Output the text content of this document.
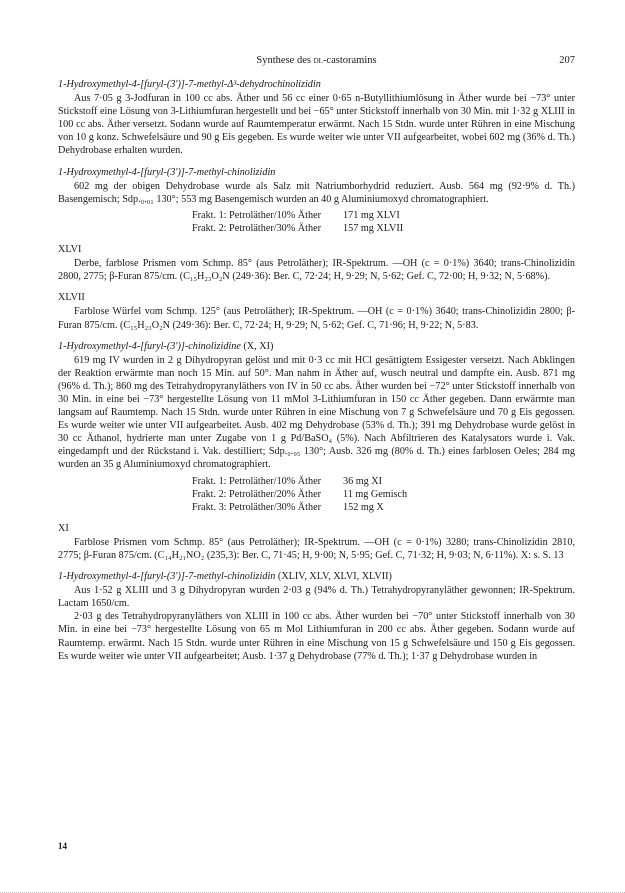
Synthese des dl-castoramins	207
1-Hydroxymethyl-4-[furyl-(3')]-7-methyl-Δ³-dehydrochinolizidin

Aus 7·05 g 3-Jodfuran in 100 cc abs. Äther und 56 cc einer 0·65 n-Butyllithiumlösung in Äther wurde bei −73° unter Stickstoff eine Lösung von 3-Lithiumfuran hergestellt und bei −65° unter Stickstoff innerhalb von 30 Min. mit 1·32 g XLIII in 100 cc abs. Äther versetzt. Sodann wurde auf Raumtemperatur erwärmt. Nach 15 Stdn. wurde unter Rühren in eine Mischung von 10 g konz. Schwefelsäure und 90 g Eis gegeben. Es wurde weiter wie unter VII aufgearbeitet, wobei 602 mg (36% d. Th.) Dehydrobase erhalten wurden.

1-Hydroxymethyl-4-[furyl-(3')]-7-methyl-chinolizidin

602 mg der obigen Dehydrobase wurde als Salz mit Natriumborhydrid reduziert. Ausb. 564 mg (92·9% d. Th.) Basengemisch; Sdp.₀.₀₁ 130°; 553 mg Basengemisch wurden an 40 g Aluminiumoxyd chromatographiert.

Frakt. 1: Petroläther/10% Äther	171 mg XLVI
Frakt. 2: Petroläther/30% Äther	157 mg XLVII
XLVI

Derbe, farblose Prismen vom Schmp. 85° (aus Petroläther); IR-Spektrum. —OH (c = 0·1%) 3640; trans-Chinolizidin 2800, 2775; β-Furan 875/cm. (C₁₅H₂₃O₂N (249·36): Ber. C, 72·24; H, 9·29; N, 5·62; Gef. C, 72·00; H, 9·32; N, 5·68%).

XLVII

Farblose Würfel vom Schmp. 125° (aus Petroläther); IR-Spektrum. —OH (c = 0·1%) 3640; trans-Chinolizidin 2800; β-Furan 875/cm. (C₁₅H₂₃O₂N (249·36): Ber. C, 72·24; H, 9·29; N, 5·62; Gef. C, 71·96; H, 9·22; N, 5·83.

1-Hydroxymethyl-4-[furyl-(3')]-chinolizidine (X, XI)

619 mg IV wurden in 2 g Dihydropyran gelöst und mit 0·3 cc mit HCl gesättigtem Essigester versetzt. Nach Abklingen der Reaktion erwärmte man noch 15 Min. auf 50°. Man nahm in Äther auf, wusch neutral und dampfte ein. Ausb. 871 mg (96% d. Th.); 860 mg des Tetrahydropyranyläthers von IV in 50 cc abs. Äther wurden bei −72° unter Stickstoff innerhalb von 30 Min. in eine bei −73° hergestellte Lösung von 11 mMol 3-Lithiumfuran in 150 cc Äther gegeben. Dann erwärmte man langsam auf Raumtemp. Nach 15 Stdn. wurde unter Rühren in eine Mischung von 7 g Schwefelsäure und 70 g Eis gegossen. Es wurde weiter wie unter VII aufgearbeitet. Ausb. 402 mg Dehydrobase (53% d. Th.); 391 mg Dehydrobase wurde gelöst in 30 cc Äthanol, hydrierte man unter Zugabe von 1 g Pd/BaSO₄ (5%). Nach Abfiltrieren des Katalysators wurde i. Vak. eingedampft und der Rückstand i. Vak. destilliert; Sdp.₀.₀₅ 130°; Ausb. 326 mg (80% d. Th.) eines farblosen Oeles; 284 mg wurden an 35 g Aluminiumoxyd chromatographiert.

Frakt. 1: Petroläther/10% Äther	36 mg XI
Frakt. 2: Petroläther/20% Äther	11 mg Gemisch
Frakt. 3: Petroläther/30% Äther	152 mg X
XI

Farblose Prismen vom Schmp. 85° (aus Petroläther); IR-Spektrum. —OH (c = 0·1%) 3280; trans-Chinolizidin 2810, 2775; β-Furan 875/cm. (C₁₄H₂₁NO₂ (235,3): Ber. C, 71·45; H, 9·00; N, 5·95; Gef. C, 71·32; H, 9·03; N, 6·11%). X: s. S. 13

1-Hydroxymethyl-4-[furyl-(3')]-7-methyl-chinolizidin (XLIV, XLV, XLVI, XLVII)

Aus 1·52 g XLIII und 3 g Dihydropyran wurden 2·03 g (94% d. Th.) Tetrahydropyranyläther gewonnen; IR-Spektrum. Lactam 1650/cm.

2·03 g des Tetrahydropyranyläthers von XLIII in 100 cc abs. Äther wurden bei −70° unter Stickstoff innerhalb von 30 Min. in eine bei −73° hergestellte Lösung von 65 m Mol Lithiumfuran in 200 cc abs. Äther gegeben. Sodann wurde auf Raumtemp. erwärmt. Nach 15 Stdn. wurde unter Rühren in eine Mischung von 15 g Schwefelsäure und 150 g Eis gegossen. Es wurde weiter wie unter VII aufgearbeitet; Ausb. 1·37 g Dehydrobase (77% d. Th.); 1·37 g Dehydrobase wurden in

14
